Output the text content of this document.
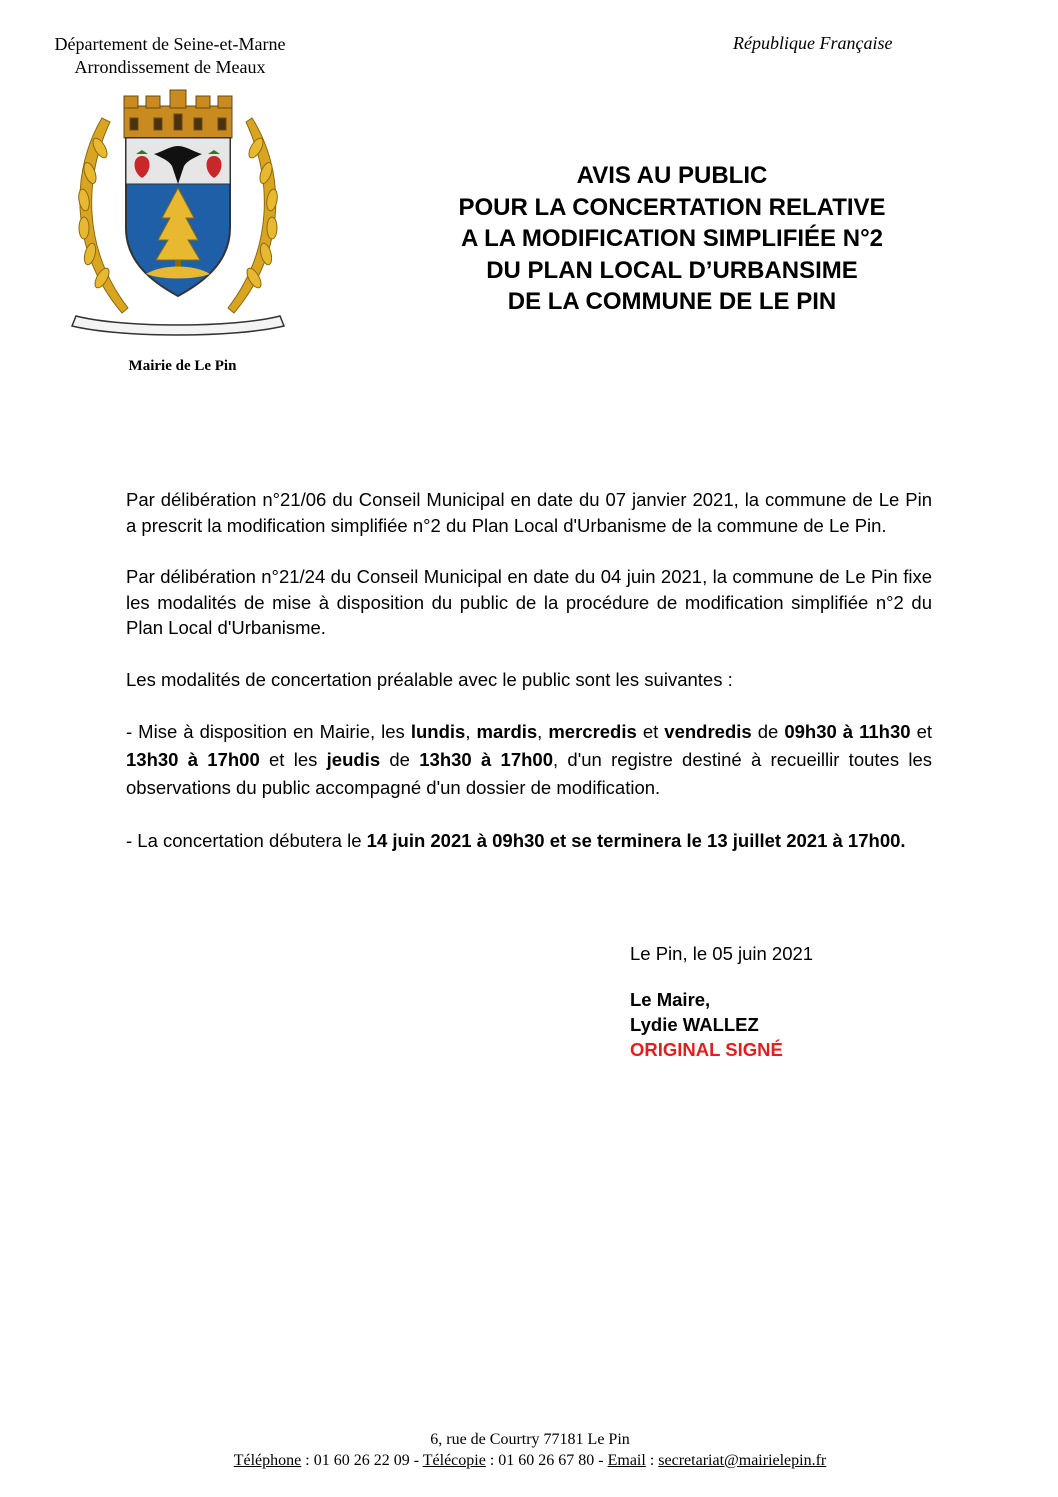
Département de Seine-et-Marne
Arrondissement de Meaux
République Française
Mairie de Le Pin
AVIS AU PUBLIC
POUR LA CONCERTATION RELATIVE
A LA MODIFICATION SIMPLIFIÉE N°2
DU PLAN LOCAL D’URBANSIME
DE LA COMMUNE DE LE PIN

Par délibération n°21/06 du Conseil Municipal en date du 07 janvier 2021, la commune de Le Pin a prescrit la modification simplifiée n°2 du Plan Local d'Urbanisme de la commune de Le Pin.

Par délibération n°21/24 du Conseil Municipal en date du 04 juin 2021, la commune de Le Pin fixe les modalités de mise à disposition du public de la procédure de modification simplifiée n°2 du Plan Local d'Urbanisme.

Les modalités de concertation préalable avec le public sont les suivantes :

- Mise à disposition en Mairie, les lundis, mardis, mercredis et vendredis de 09h30 à 11h30 et 13h30 à 17h00 et les jeudis de 13h30 à 17h00, d'un registre destiné à recueillir toutes les observations du public accompagné d'un dossier de modification.

- La concertation débutera le 14 juin 2021 à 09h30 et se terminera le 13 juillet 2021 à 17h00.

Le Pin, le 05 juin 2021
Le Maire,
Lydie WALLEZ
ORIGINAL SIGNÉ
6, rue de Courtry 77181 Le Pin
Téléphone : 01 60 26 22 09 - Télécopie : 01 60 26 67 80 - Email : secretariat@mairielepin.fr
